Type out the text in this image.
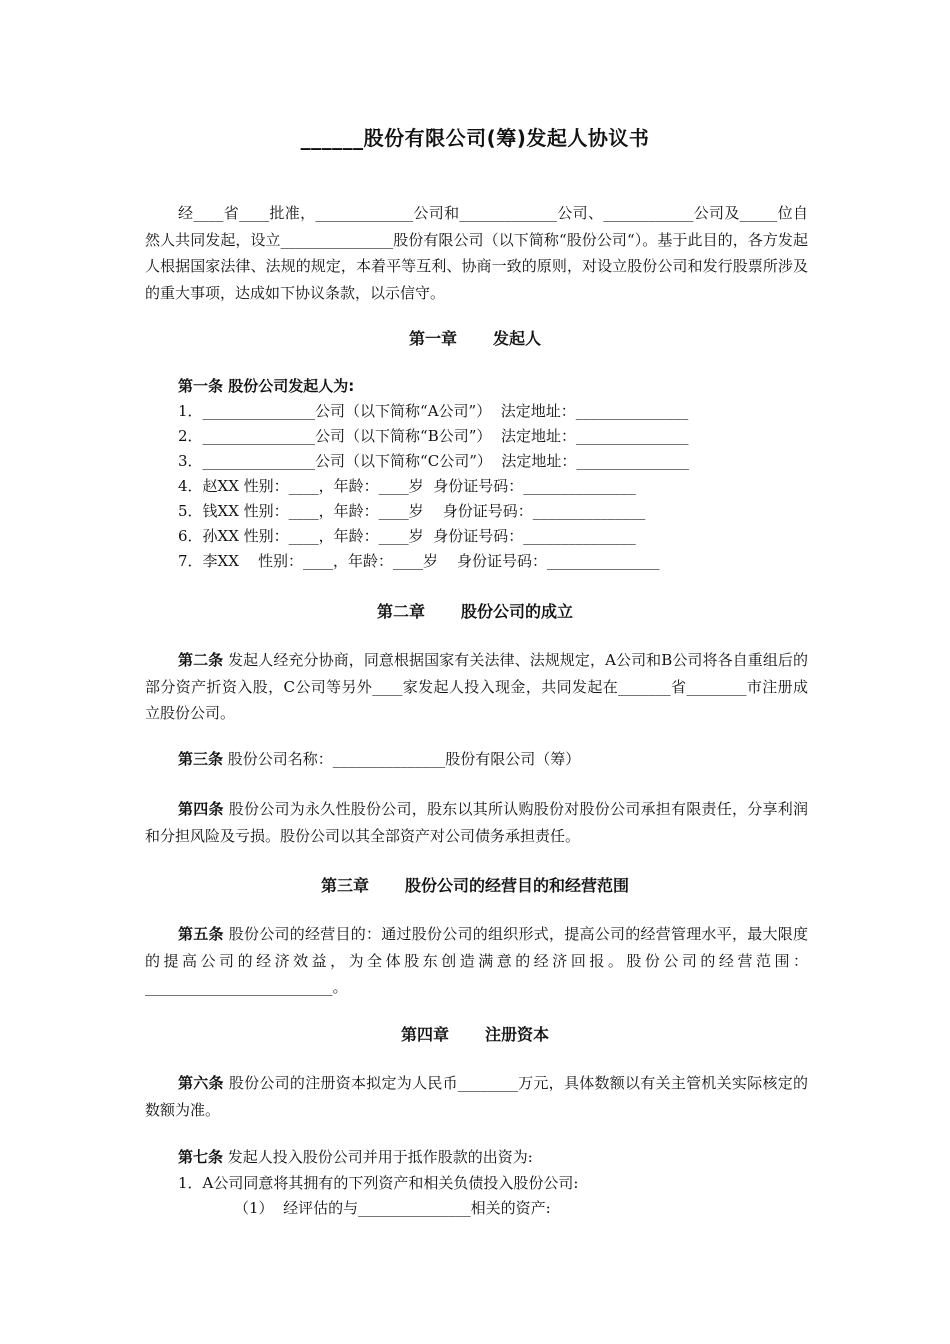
______股份有限公司(筹)发起人协议书

经____省____批准，_____________公司和_____________公司、____________公司及_____位自然人共同发起，设立_______________股份有限公司（以下简称“股份公司“）。基于此目的，各方发起人根据国家法律、法规的规定，本着平等互利、协商一致的原则，对设立股份公司和发行股票所涉及的重大事项，达成如下协议条款，以示信守。

第一章 发起人

第一条 股份公司发起人为:

1．_______________公司（以下简称“A公司”）  法定地址：_______________

2．_______________公司（以下简称“B公司”）  法定地址：_______________

3．_______________公司（以下简称“C公司”）  法定地址：_______________

4．赵XX 性别：____，年龄：____岁  身份证号码：_______________

5．钱XX 性别：____，年龄：____岁    身份证号码：_______________

6．孙XX 性别：____，年龄：____岁  身份证号码：_______________

7．李XX    性别：____，年龄：____岁    身份证号码：_______________

第二章 股份公司的成立

第二条 发起人经充分协商，同意根据国家有关法律、法规规定，A公司和B公司将各自重组后的部分资产折资入股，C公司等另外____家发起人投入现金，共同发起在_______省________市注册成立股份公司。

第三条 股份公司名称：_______________股份有限公司（筹）

第四条 股份公司为永久性股份公司，股东以其所认购股份对股份公司承担有限责任，分享利润和分担风险及亏损。股份公司以其全部资产对公司债务承担责任。

第三章 股份公司的经营目的和经营范围

第五条 股份公司的经营目的：通过股份公司的组织形式，提高公司的经营管理水平，最大限度的提高公司的经济效益，为全体股东创造满意的经济回报。股份公司的经营范围：_________________________。

第四章 注册资本

第六条 股份公司的注册资本拟定为人民币________万元，具体数额以有关主管机关实际核定的数额为准。

第七条 发起人投入股份公司并用于抵作股款的出资为:

1．A公司同意将其拥有的下列资产和相关负债投入股份公司:

（1）  经评估的与_______________相关的资产:
